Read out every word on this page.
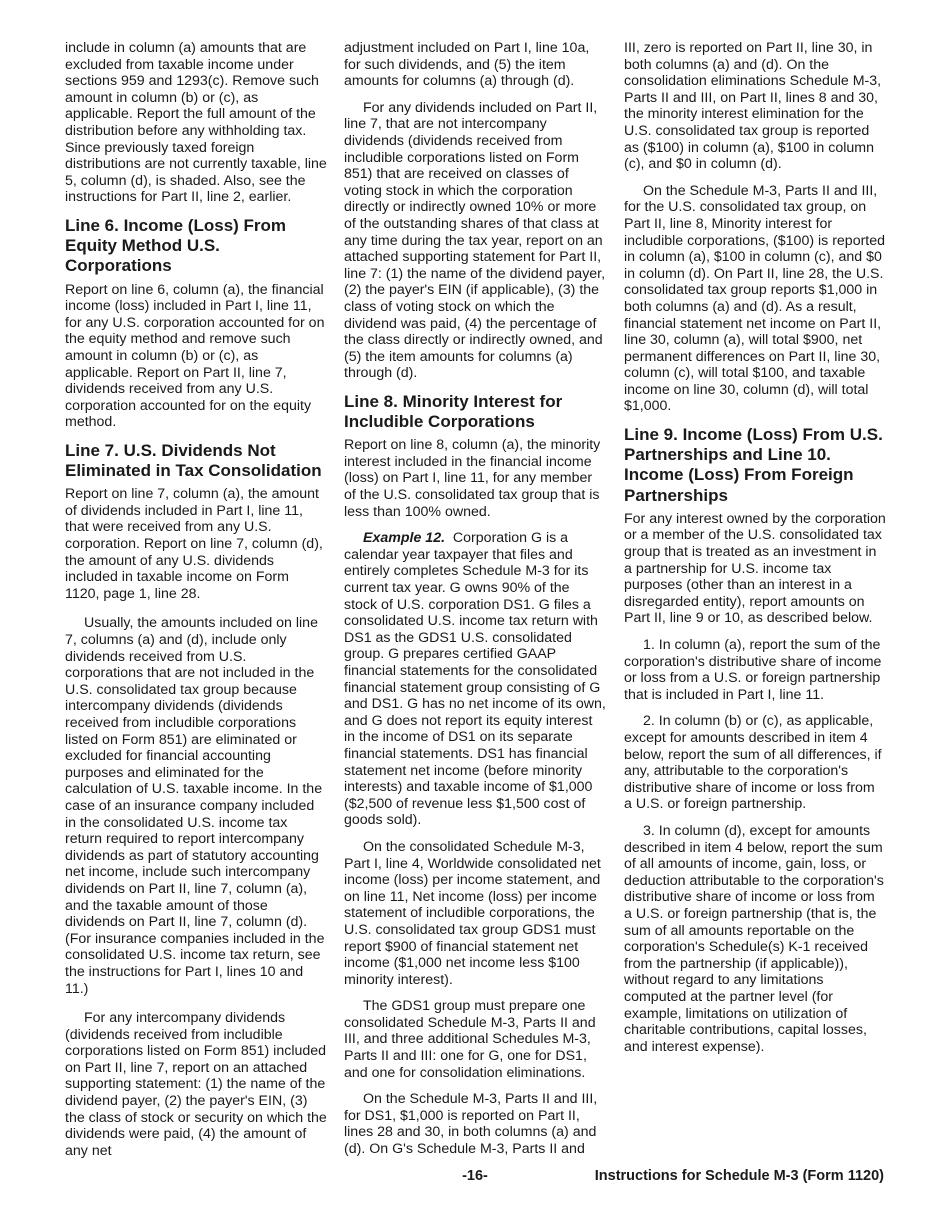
include in column (a) amounts that are excluded from taxable income under sections 959 and 1293(c). Remove such amount in column (b) or (c), as applicable. Report the full amount of the distribution before any withholding tax. Since previously taxed foreign distributions are not currently taxable, line 5, column (d), is shaded. Also, see the instructions for Part II, line 2, earlier.

Line 6. Income (Loss) From Equity Method U.S. Corporations

Report on line 6, column (a), the financial income (loss) included in Part I, line 11, for any U.S. corporation accounted for on the equity method and remove such amount in column (b) or (c), as applicable. Report on Part II, line 7, dividends received from any U.S. corporation accounted for on the equity method.

Line 7. U.S. Dividends Not Eliminated in Tax Consolidation

Report on line 7, column (a), the amount of dividends included in Part I, line 11, that were received from any U.S. corporation. Report on line 7, column (d), the amount of any U.S. dividends included in taxable income on Form 1120, page 1, line 28.

Usually, the amounts included on line 7, columns (a) and (d), include only dividends received from U.S. corporations that are not included in the U.S. consolidated tax group because intercompany dividends (dividends received from includible corporations listed on Form 851) are eliminated or excluded for financial accounting purposes and eliminated for the calculation of U.S. taxable income. In the case of an insurance company included in the consolidated U.S. income tax return required to report intercompany dividends as part of statutory accounting net income, include such intercompany dividends on Part II, line 7, column (a), and the taxable amount of those dividends on Part II, line 7, column (d). (For insurance companies included in the consolidated U.S. income tax return, see the instructions for Part I, lines 10 and 11.)

For any intercompany dividends (dividends received from includible corporations listed on Form 851) included on Part II, line 7, report on an attached supporting statement: (1) the name of the dividend payer, (2) the payer's EIN, (3) the class of stock or security on which the dividends were paid, (4) the amount of any net

adjustment included on Part I, line 10a, for such dividends, and (5) the item amounts for columns (a) through (d).

For any dividends included on Part II, line 7, that are not intercompany dividends (dividends received from includible corporations listed on Form 851) that are received on classes of voting stock in which the corporation directly or indirectly owned 10% or more of the outstanding shares of that class at any time during the tax year, report on an attached supporting statement for Part II, line 7: (1) the name of the dividend payer, (2) the payer's EIN (if applicable), (3) the class of voting stock on which the dividend was paid, (4) the percentage of the class directly or indirectly owned, and (5) the item amounts for columns (a) through (d).

Line 8. Minority Interest for Includible Corporations

Report on line 8, column (a), the minority interest included in the financial income (loss) on Part I, line 11, for any member of the U.S. consolidated tax group that is less than 100% owned.

Example 12. Corporation G is a calendar year taxpayer that files and entirely completes Schedule M-3 for its current tax year. G owns 90% of the stock of U.S. corporation DS1. G files a consolidated U.S. income tax return with DS1 as the GDS1 U.S. consolidated group. G prepares certified GAAP financial statements for the consolidated financial statement group consisting of G and DS1. G has no net income of its own, and G does not report its equity interest in the income of DS1 on its separate financial statements. DS1 has financial statement net income (before minority interests) and taxable income of $1,000 ($2,500 of revenue less $1,500 cost of goods sold).

On the consolidated Schedule M-3, Part I, line 4, Worldwide consolidated net income (loss) per income statement, and on line 11, Net income (loss) per income statement of includible corporations, the U.S. consolidated tax group GDS1 must report $900 of financial statement net income ($1,000 net income less $100 minority interest).

The GDS1 group must prepare one consolidated Schedule M-3, Parts II and III, and three additional Schedules M-3, Parts II and III: one for G, one for DS1, and one for consolidation eliminations.

On the Schedule M-3, Parts II and III, for DS1, $1,000 is reported on Part II, lines 28 and 30, in both columns (a) and (d). On G's Schedule M-3, Parts II and

III, zero is reported on Part II, line 30, in both columns (a) and (d). On the consolidation eliminations Schedule M-3, Parts II and III, on Part II, lines 8 and 30, the minority interest elimination for the U.S. consolidated tax group is reported as ($100) in column (a), $100 in column (c), and $0 in column (d).

On the Schedule M-3, Parts II and III, for the U.S. consolidated tax group, on Part II, line 8, Minority interest for includible corporations, ($100) is reported in column (a), $100 in column (c), and $0 in column (d). On Part II, line 28, the U.S. consolidated tax group reports $1,000 in both columns (a) and (d). As a result, financial statement net income on Part II, line 30, column (a), will total $900, net permanent differences on Part II, line 30, column (c), will total $100, and taxable income on line 30, column (d), will total $1,000.

Line 9. Income (Loss) From U.S. Partnerships and Line 10. Income (Loss) From Foreign Partnerships

For any interest owned by the corporation or a member of the U.S. consolidated tax group that is treated as an investment in a partnership for U.S. income tax purposes (other than an interest in a disregarded entity), report amounts on Part II, line 9 or 10, as described below.

1. In column (a), report the sum of the corporation's distributive share of income or loss from a U.S. or foreign partnership that is included in Part I, line 11.

2. In column (b) or (c), as applicable, except for amounts described in item 4 below, report the sum of all differences, if any, attributable to the corporation's distributive share of income or loss from a U.S. or foreign partnership.

3. In column (d), except for amounts described in item 4 below, report the sum of all amounts of income, gain, loss, or deduction attributable to the corporation's distributive share of income or loss from a U.S. or foreign partnership (that is, the sum of all amounts reportable on the corporation's Schedule(s) K-1 received from the partnership (if applicable)), without regard to any limitations computed at the partner level (for example, limitations on utilization of charitable contributions, capital losses, and interest expense).

-16-	Instructions for Schedule M-3 (Form 1120)
